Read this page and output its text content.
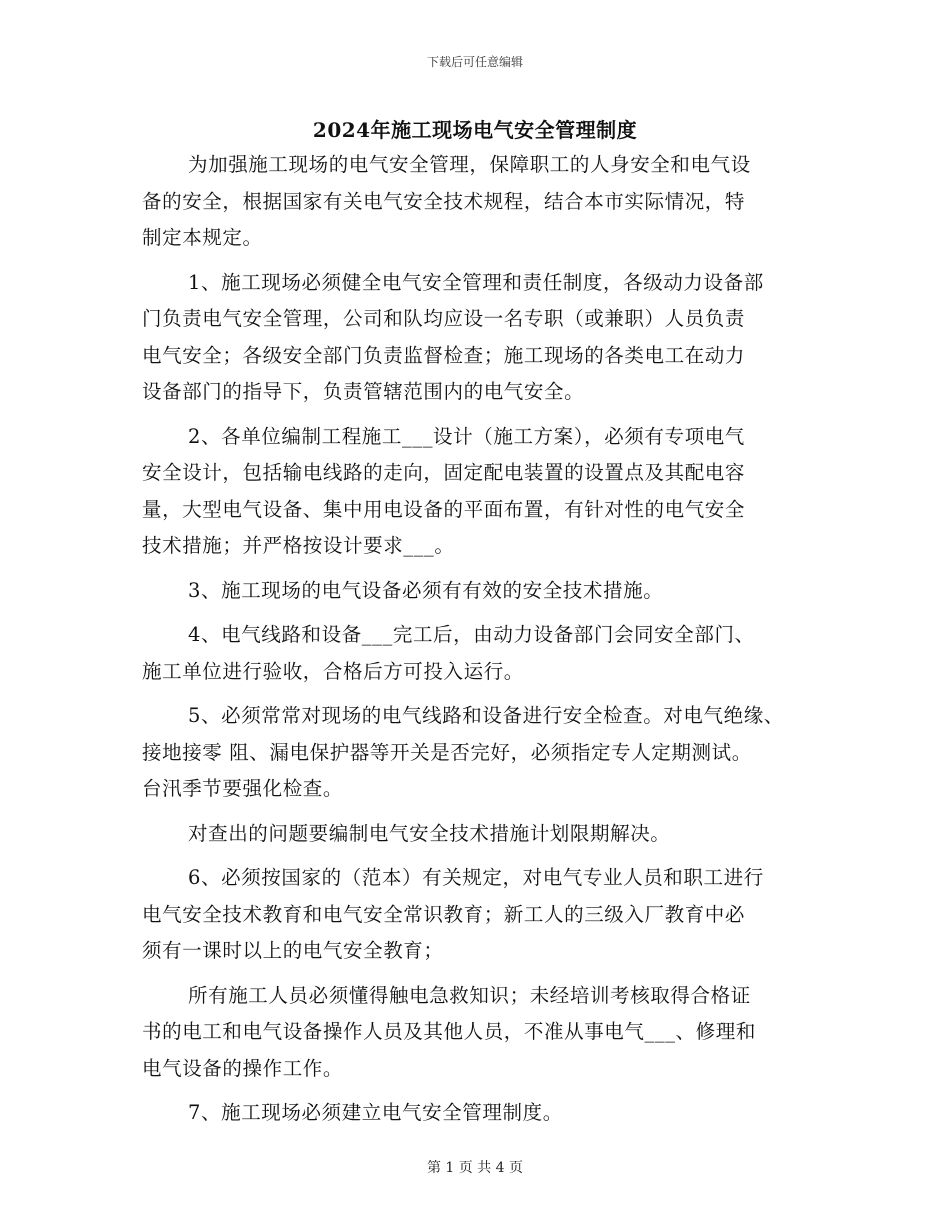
下载后可任意编辑
2024年施工现场电气安全管理制度
为加强施工现场的电气安全管理，保障职工的人身安全和电气设
备的安全，根据国家有关电气安全技术规程，结合本市实际情况，特
制定本规定。
1、施工现场必须健全电气安全管理和责任制度，各级动力设备部
门负责电气安全管理，公司和队均应设一名专职（或兼职）人员负责
电气安全；各级安全部门负责监督检查；施工现场的各类电工在动力
设备部门的指导下，负责管辖范围内的电气安全。
2、各单位编制工程施工___设计（施工方案），必须有专项电气
安全设计，包括输电线路的走向，固定配电装置的设置点及其配电容
量，大型电气设备、集中用电设备的平面布置，有针对性的电气安全
技术措施；并严格按设计要求___。
3、施工现场的电气设备必须有有效的安全技术措施。
4、电气线路和设备___完工后，由动力设备部门会同安全部门、
施工单位进行验收，合格后方可投入运行。
5、必须常常对现场的电气线路和设备进行安全检查。对电气绝缘、
接地接零 阻、漏电保护器等开关是否完好，必须指定专人定期测试。
台汛季节要强化检查。
对查出的问题要编制电气安全技术措施计划限期解决。
6、必须按国家的（范本）有关规定，对电气专业人员和职工进行
电气安全技术教育和电气安全常识教育；新工人的三级入厂教育中必
须有一课时以上的电气安全教育；
所有施工人员必须懂得触电急救知识；未经培训考核取得合格证
书的电工和电气设备操作人员及其他人员，不准从事电气___、修理和
电气设备的操作工作。
7、施工现场必须建立电气安全管理制度。
第 1 页 共 4 页
